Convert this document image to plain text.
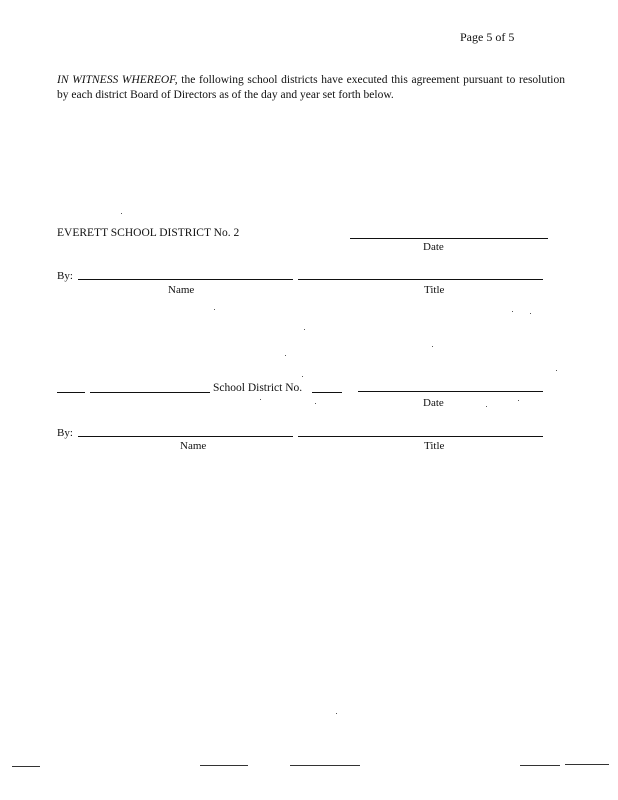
Page 5 of 5
IN WITNESS WHEREOF, the following school districts have executed this agreement pursuant to resolution by each district Board of Directors as of the day and year set forth below.
EVERETT SCHOOL DISTRICT No. 2
Date
By:
Name	Title
School District No.
Date
By:
Name	Title
